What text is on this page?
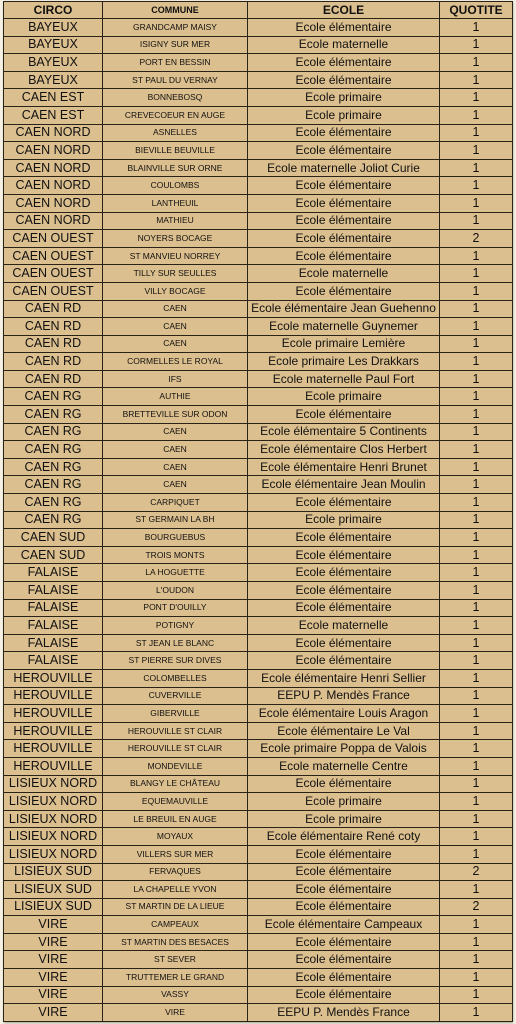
CIRCO	COMMUNE	ECOLE	QUOTITE
BAYEUX	GRANDCAMP MAISY	Ecole élémentaire	1
BAYEUX	ISIGNY SUR MER	Ecole maternelle	1
BAYEUX	PORT EN BESSIN	Ecole élémentaire	1
BAYEUX	ST PAUL DU VERNAY	Ecole élémentaire	1
CAEN EST	BONNEBOSQ	Ecole primaire	1
CAEN EST	CREVECOEUR EN AUGE	Ecole primaire	1
CAEN NORD	ASNELLES	Ecole élémentaire	1
CAEN NORD	BIEVILLE BEUVILLE	Ecole élémentaire	1
CAEN NORD	BLAINVILLE SUR ORNE	Ecole maternelle Joliot Curie	1
CAEN NORD	COULOMBS	Ecole élémentaire	1
CAEN NORD	LANTHEUIL	Ecole élémentaire	1
CAEN NORD	MATHIEU	Ecole élémentaire	1
CAEN OUEST	NOYERS BOCAGE	Ecole élémentaire	2
CAEN OUEST	ST MANVIEU NORREY	Ecole élémentaire	1
CAEN OUEST	TILLY SUR SEULLES	Ecole maternelle	1
CAEN OUEST	VILLY BOCAGE	Ecole élémentaire	1
CAEN RD	CAEN	Ecole élémentaire Jean Guehenno	1
CAEN RD	CAEN	Ecole maternelle Guynemer	1
CAEN RD	CAEN	Ecole primaire Lemière	1
CAEN RD	CORMELLES LE ROYAL	Ecole primaire Les Drakkars	1
CAEN RD	IFS	Ecole maternelle Paul Fort	1
CAEN RG	AUTHIE	Ecole primaire	1
CAEN RG	BRETTEVILLE SUR ODON	Ecole élémentaire	1
CAEN RG	CAEN	Ecole élémentaire 5 Continents	1
CAEN RG	CAEN	Ecole élémentaire Clos Herbert	1
CAEN RG	CAEN	Ecole élémentaire Henri Brunet	1
CAEN RG	CAEN	Ecole élémentaire Jean Moulin	1
CAEN RG	CARPIQUET	Ecole élémentaire	1
CAEN RG	ST GERMAIN LA BH	Ecole primaire	1
CAEN SUD	BOURGUEBUS	Ecole élémentaire	1
CAEN SUD	TROIS MONTS	Ecole élémentaire	1
FALAISE	LA HOGUETTE	Ecole élémentaire	1
FALAISE	L'OUDON	Ecole élémentaire	1
FALAISE	PONT D'OUILLY	Ecole élémentaire	1
FALAISE	POTIGNY	Ecole maternelle	1
FALAISE	ST JEAN LE BLANC	Ecole élémentaire	1
FALAISE	ST PIERRE SUR DIVES	Ecole élémentaire	1
HEROUVILLE	COLOMBELLES	Ecole élémentaire Henri Sellier	1
HEROUVILLE	CUVERVILLE	EEPU P. Mendès France	1
HEROUVILLE	GIBERVILLE	Ecole élémentaire Louis Aragon	1
HEROUVILLE	HEROUVILLE ST CLAIR	Ecole élémentaire Le Val	1
HEROUVILLE	HEROUVILLE ST CLAIR	Ecole primaire Poppa de Valois	1
HEROUVILLE	MONDEVILLE	Ecole maternelle Centre	1
LISIEUX NORD	BLANGY LE CHÂTEAU	Ecole élémentaire	1
LISIEUX NORD	EQUEMAUVILLE	Ecole primaire	1
LISIEUX NORD	LE BREUIL EN AUGE	Ecole primaire	1
LISIEUX NORD	MOYAUX	Ecole élémentaire René coty	1
LISIEUX NORD	VILLERS SUR MER	Ecole élémentaire	1
LISIEUX SUD	FERVAQUES	Ecole élémentaire	2
LISIEUX SUD	LA CHAPELLE YVON	Ecole élémentaire	1
LISIEUX SUD	ST MARTIN DE LA LIEUE	Ecole élémentaire	2
VIRE	CAMPEAUX	Ecole élémentaire Campeaux	1
VIRE	ST MARTIN DES BESACES	Ecole élémentaire	1
VIRE	ST SEVER	Ecole élémentaire	1
VIRE	TRUTTEMER LE GRAND	Ecole élémentaire	1
VIRE	VASSY	Ecole élémentaire	1
VIRE	VIRE	EEPU P. Mendès France	1
